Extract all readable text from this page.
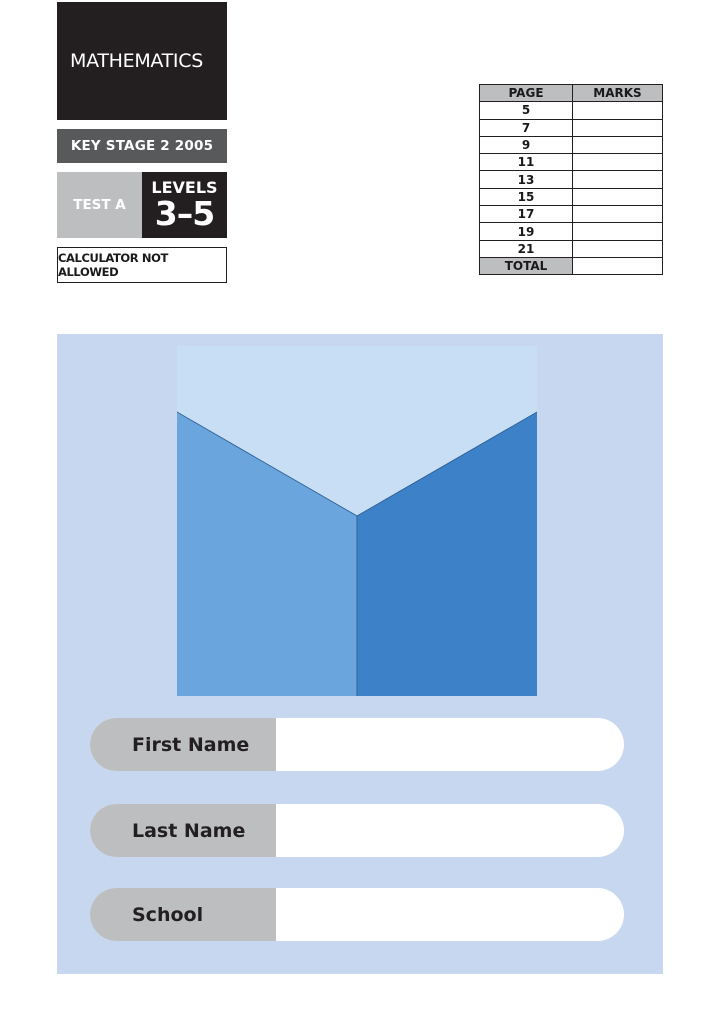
MATHEMATICS
KEY STAGE 2 2005
TEST A
LEVELS
3–5
CALCULATOR NOT ALLOWED
PAGE	MARKS
5	
7	
9	
11	
13	
15	
17	
19	
21	
TOTAL	
First Name
Last Name
School
